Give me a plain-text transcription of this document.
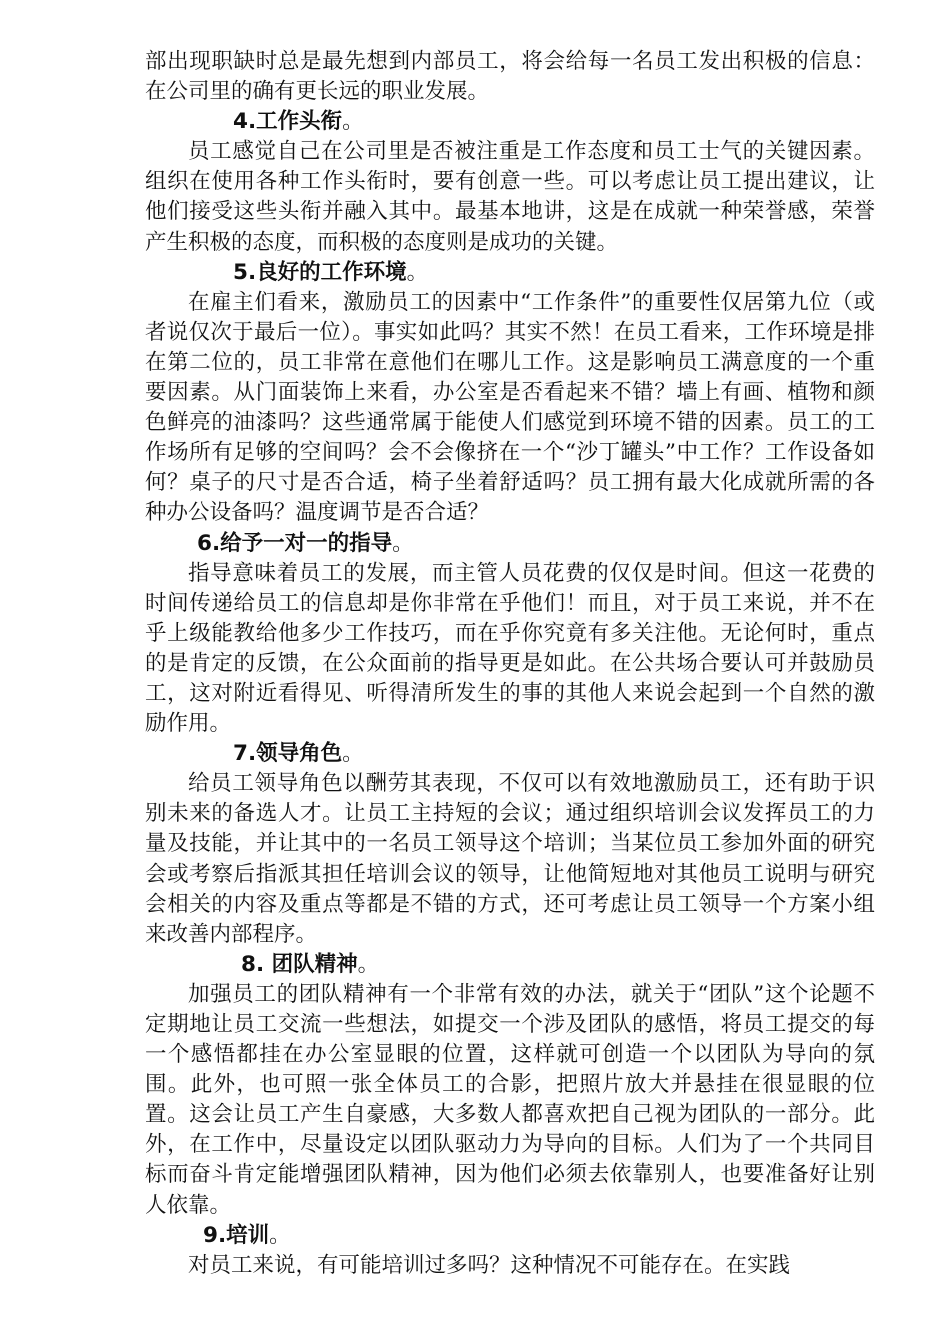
部出现职缺时总是最先想到内部员工，将会给每一名员工发出积极的信息：在公司里的确有更长远的职业发展。

4.工作头衔。

员工感觉自己在公司里是否被注重是工作态度和员工士气的关键因素。组织在使用各种工作头衔时，要有创意一些。可以考虑让员工提出建议，让他们接受这些头衔并融入其中。最基本地讲，这是在成就一种荣誉感，荣誉产生积极的态度，而积极的态度则是成功的关键。

5.良好的工作环境。

在雇主们看来，激励员工的因素中“工作条件”的重要性仅居第九位（或者说仅次于最后一位）。事实如此吗？其实不然！在员工看来，工作环境是排在第二位的，员工非常在意他们在哪儿工作。这是影响员工满意度的一个重要因素。从门面装饰上来看，办公室是否看起来不错？墙上有画、植物和颜色鲜亮的油漆吗？这些通常属于能使人们感觉到环境不错的因素。员工的工作场所有足够的空间吗？会不会像挤在一个“沙丁罐头”中工作？工作设备如何？桌子的尺寸是否合适，椅子坐着舒适吗？员工拥有最大化成就所需的各种办公设备吗？温度调节是否合适？

6.给予一对一的指导。

指导意味着员工的发展，而主管人员花费的仅仅是时间。但这一花费的时间传递给员工的信息却是你非常在乎他们！而且，对于员工来说，并不在乎上级能教给他多少工作技巧，而在乎你究竟有多关注他。无论何时，重点的是肯定的反馈，在公众面前的指导更是如此。在公共场合要认可并鼓励员工，这对附近看得见、听得清所发生的事的其他人来说会起到一个自然的激励作用。

7.领导角色。

给员工领导角色以酬劳其表现，不仅可以有效地激励员工，还有助于识别未来的备选人才。让员工主持短的会议；通过组织培训会议发挥员工的力量及技能，并让其中的一名员工领导这个培训；当某位员工参加外面的研究会或考察后指派其担任培训会议的领导，让他简短地对其他员工说明与研究会相关的内容及重点等都是不错的方式，还可考虑让员工领导一个方案小组来改善内部程序。

8. 团队精神。

加强员工的团队精神有一个非常有效的办法，就关于“团队”这个论题不定期地让员工交流一些想法，如提交一个涉及团队的感悟，将员工提交的每一个感悟都挂在办公室显眼的位置，这样就可创造一个以团队为导向的氛围。此外，也可照一张全体员工的合影，把照片放大并悬挂在很显眼的位置。这会让员工产生自豪感，大多数人都喜欢把自己视为团队的一部分。此外，在工作中，尽量设定以团队驱动力为导向的目标。人们为了一个共同目标而奋斗肯定能增强团队精神，因为他们必须去依靠别人，也要准备好让别人依靠。

9.培训。

对员工来说，有可能培训过多吗？这种情况不可能存在。在实践
